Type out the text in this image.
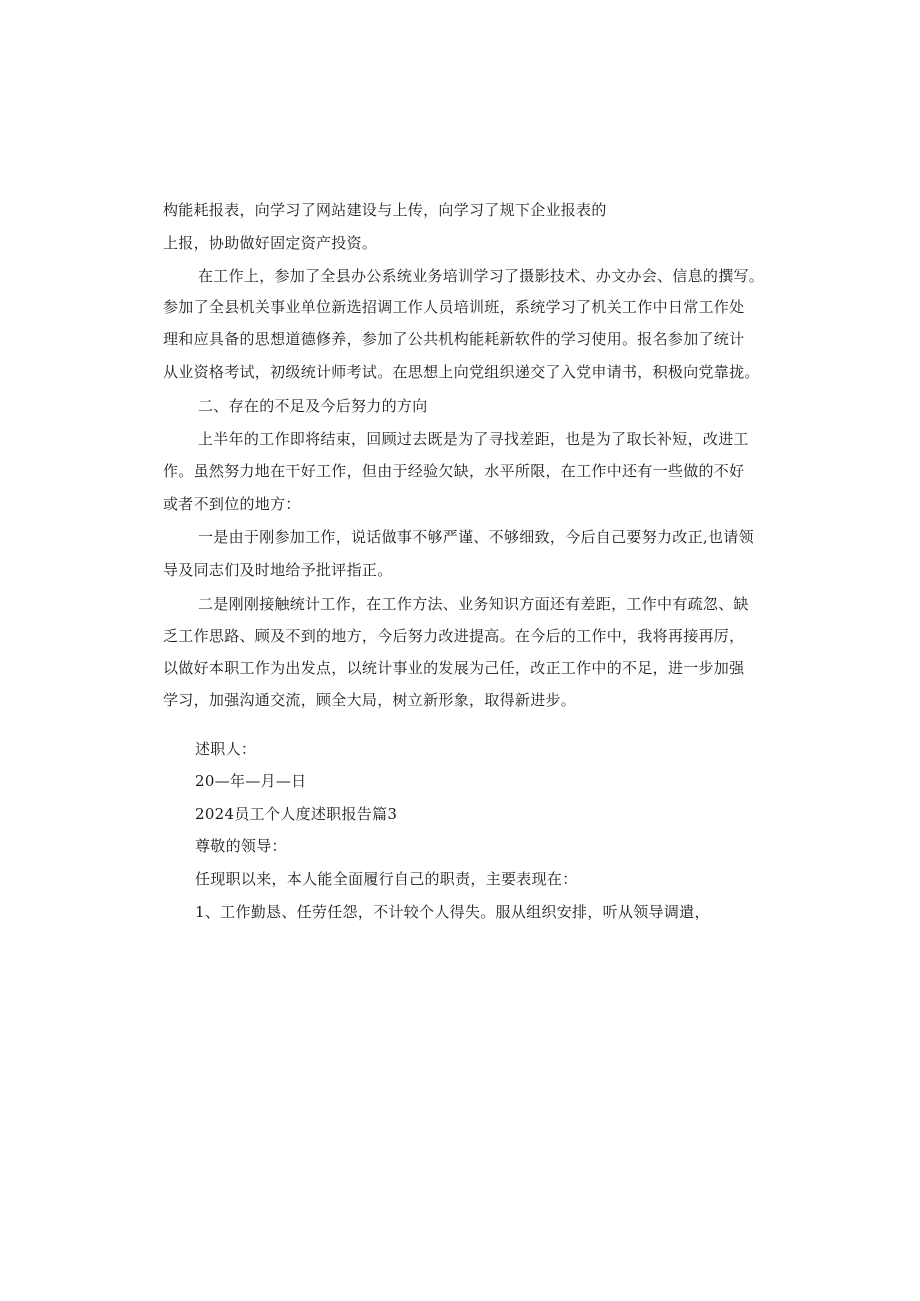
构能耗报表，向学习了网站建设与上传，向学习了规下企业报表的
上报，协助做好固定资产投资。
在工作上，参加了全县办公系统业务培训学习了摄影技术、办文办会、信息的撰写。
参加了全县机关事业单位新选招调工作人员培训班，系统学习了机关工作中日常工作处
理和应具备的思想道德修养，参加了公共机构能耗新软件的学习使用。报名参加了统计
从业资格考试，初级统计师考试。在思想上向党组织递交了入党申请书，积极向党靠拢。
二、存在的不足及今后努力的方向
上半年的工作即将结束，回顾过去既是为了寻找差距，也是为了取长补短，改进工
作。虽然努力地在干好工作，但由于经验欠缺，水平所限，在工作中还有一些做的不好
或者不到位的地方：
一是由于刚参加工作，说话做事不够严谨、不够细致，今后自己要努力改正,也请领
导及同志们及时地给予批评指正。
二是刚刚接触统计工作，在工作方法、业务知识方面还有差距，工作中有疏忽、缺
乏工作思路、顾及不到的地方，今后努力改进提高。在今后的工作中，我将再接再厉，
以做好本职工作为出发点，以统计事业的发展为己任，改正工作中的不足，进一步加强
学习，加强沟通交流，顾全大局，树立新形象，取得新进步。
述职人：
20—年—月—日
2024员工个人度述职报告篇3
尊敬的领导：
任现职以来，本人能全面履行自己的职责，主要表现在：
1、工作勤恳、任劳任怨，不计较个人得失。服从组织安排，听从领导调遣，
